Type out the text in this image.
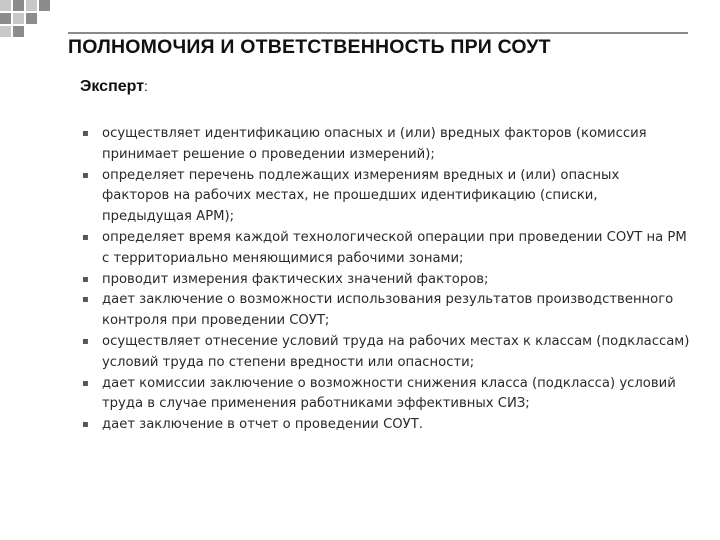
ПОЛНОМОЧИЯ И ОТВЕТСТВЕННОСТЬ ПРИ СОУТ
Эксперт:
▪ осуществляет идентификацию опасных и (или) вредных факторов (комиссия принимает решение о проведении измерений);
▪ определяет перечень подлежащих измерениям вредных и (или) опасных факторов на рабочих местах, не прошедших идентификацию (списки, предыдущая АРМ);
▪ определяет время каждой технологической операции при проведении СОУТ на РМ с территориально меняющимися рабочими зонами;
▪ проводит измерения фактических значений факторов;
▪ дает заключение о возможности использования результатов производственного контроля при проведении СОУТ;
▪ осуществляет отнесение условий труда на рабочих местах к классам (подклассам) условий труда по степени вредности или опасности;
▪ дает комиссии заключение о возможности снижения класса (подкласса) условий труда в случае применения работниками эффективных СИЗ;
▪ дает заключение в отчет о проведении СОУТ.
